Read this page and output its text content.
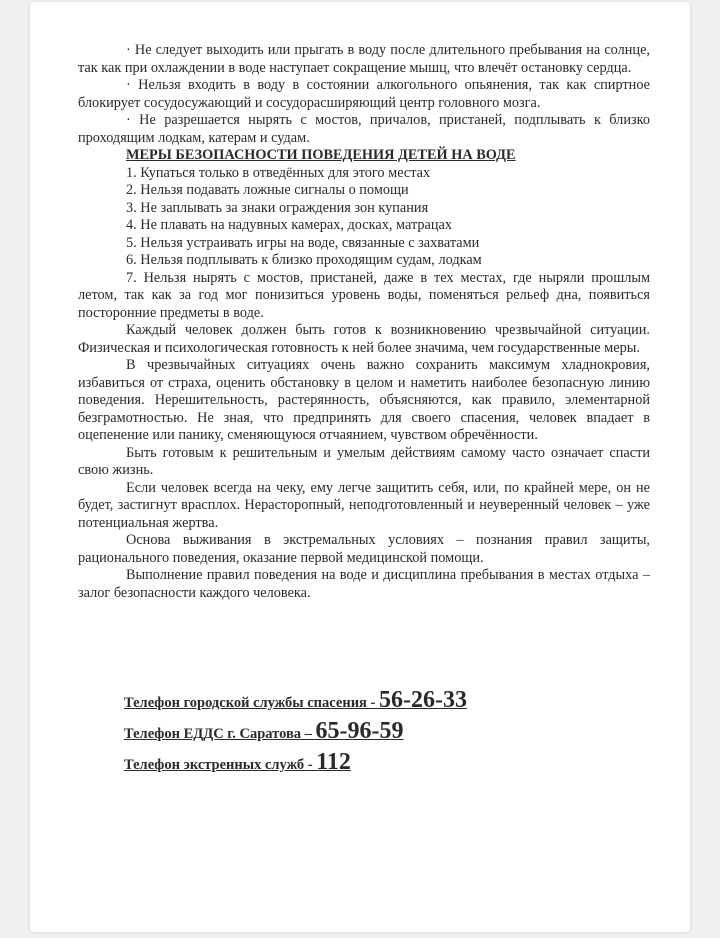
· Не следует выходить или прыгать в воду после длительного пребывания на солнце, так как при охлаждении в воде наступает сокращение мышц, что влечёт остановку сердца.

· Нельзя входить в воду в состоянии алкогольного опьянения, так как спиртное блокирует сосудосужающий и сосудорасширяющий центр головного мозга.

· Не разрешается нырять с мостов, причалов, пристаней, подплывать к близко проходящим лодкам, катерам и судам.

МЕРЫ БЕЗОПАСНОСТИ ПОВЕДЕНИЯ ДЕТЕЙ НА ВОДЕ
1. Купаться только в отведённых для этого местах
2. Нельзя подавать ложные сигналы о помощи
3. Не заплывать за знаки ограждения зон купания
4. Не плавать на надувных камерах, досках, матрацах
5. Нельзя устраивать игры на воде, связанные с захватами
6. Нельзя подплывать к близко проходящим судам, лодкам
7. Нельзя нырять с мостов, пристаней, даже в тех местах, где ныряли прошлым летом, так как за год мог понизиться уровень воды, поменяться рельеф дна, появиться посторонние предметы в воде.

Каждый человек должен быть готов к возникновению чрезвычайной ситуации. Физическая и психологическая готовность к ней более значима, чем государственные меры.

В чрезвычайных ситуациях очень важно сохранить максимум хладнокровия, избавиться от страха, оценить обстановку в целом и наметить наиболее безопасную линию поведения. Нерешительность, растерянность, объясняются, как правило, элементарной безграмотностью. Не зная, что предпринять для своего спасения, человек впадает в оцепенение или панику, сменяющуюся отчаянием, чувством обречённости.

Быть готовым к решительным и умелым действиям самому часто означает спасти свою жизнь.

Если человек всегда на чеку, ему легче защитить себя, или, по крайней мере, он не будет, застигнут врасплох. Нерасторопный, неподготовленный и неуверенный человек – уже потенциальная жертва.

Основа выживания в экстремальных условиях – познания правил защиты, рационального поведения, оказание первой медицинской помощи.

Выполнение правил поведения на воде и дисциплина пребывания в местах отдыха – залог безопасности каждого человека.

Телефон городской службы спасения - 56-26-33
Телефон ЕДДС г. Саратова – 65-96-59
Телефон экстренных служб - 112
